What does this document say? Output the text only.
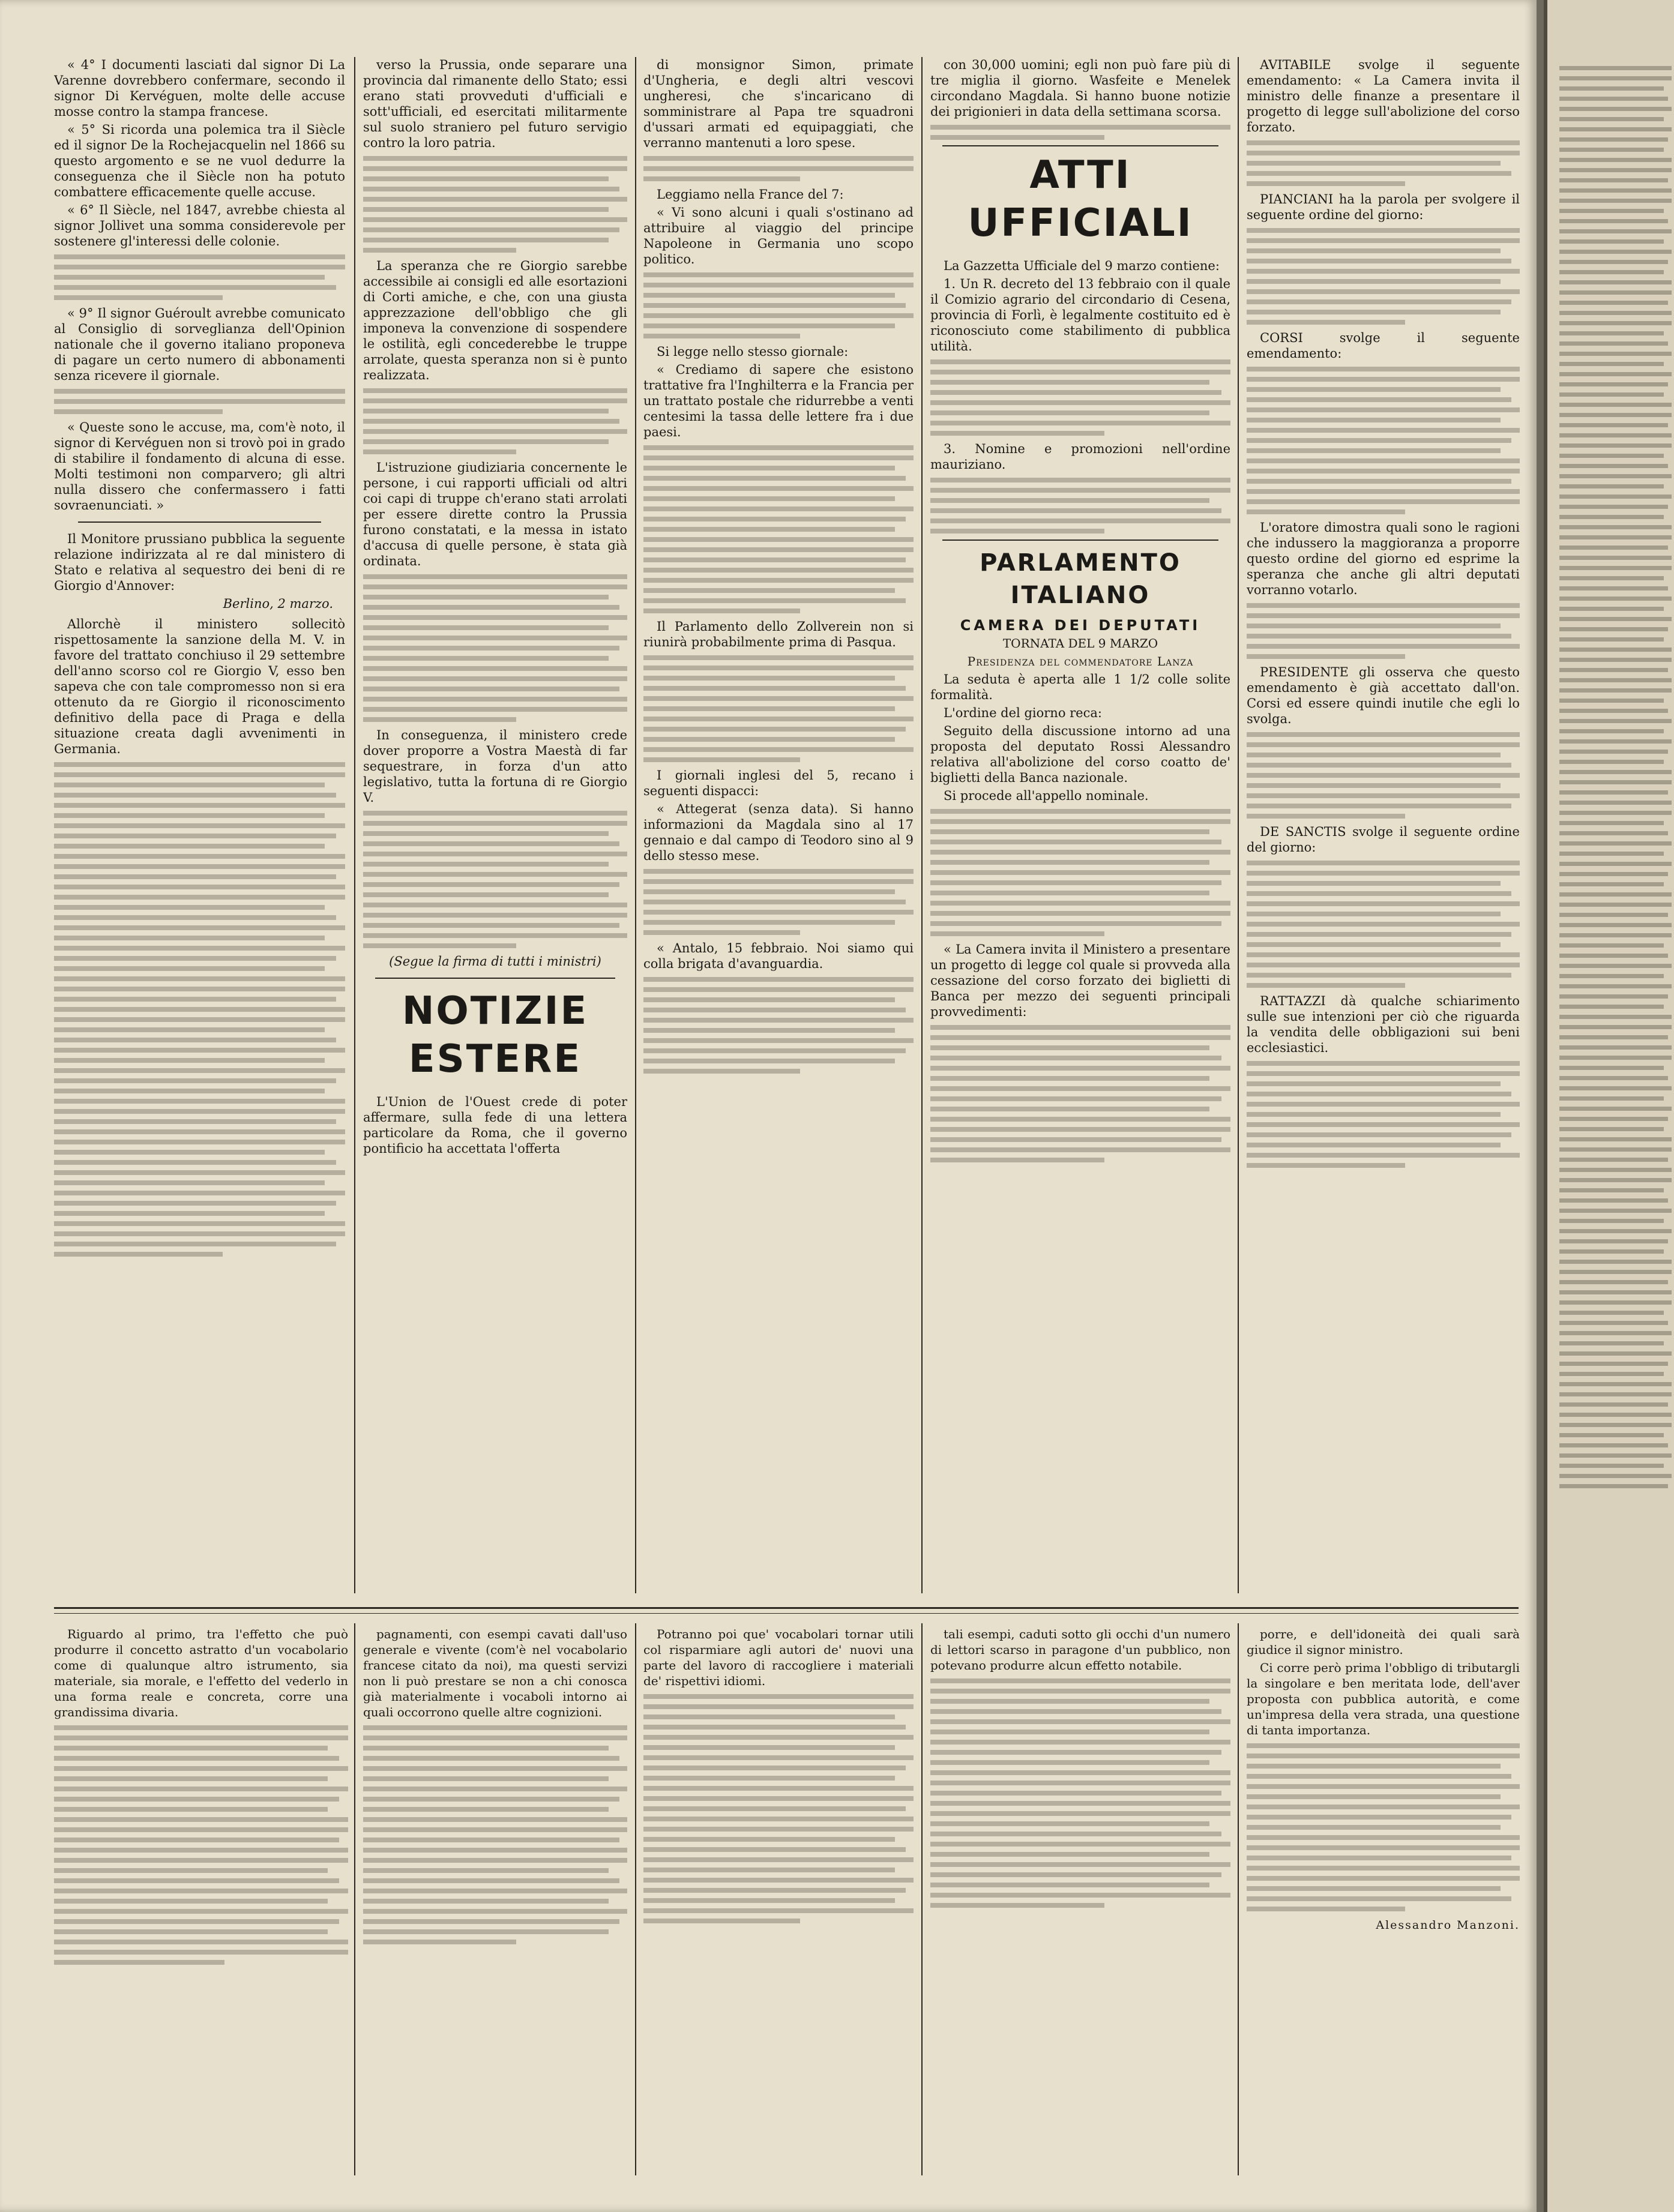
« 4° I documenti lasciati dal signor Di La Varenne dovrebbero confermare, secondo il signor Di Kervéguen, molte delle accuse mosse contro la stampa francese.

« 5° Si ricorda una polemica tra il Siècle ed il signor De la Rochejacquelin nel 1866 su questo argomento e se ne vuol dedurre la conseguenza che il Siècle non ha potuto combattere efficacemente quelle accuse.

« 6° Il Siècle, nel 1847, avrebbe chiesta al signor Jollivet una somma considerevole per sostenere gl'interessi delle colonie.

« 9° Il signor Guéroult avrebbe comunicato al Consiglio di sorveglianza dell'Opinion nationale che il governo italiano proponeva di pagare un certo numero di abbonamenti senza ricevere il giornale.

« Queste sono le accuse, ma, com'è noto, il signor di Kervéguen non si trovò poi in grado di stabilire il fondamento di alcuna di esse. Molti testimoni non comparvero; gli altri nulla dissero che confermassero i fatti sovraenunciati. »

Il Monitore prussiano pubblica la seguente relazione indirizzata al re dal ministero di Stato e relativa al sequestro dei beni di re Giorgio d'Annover:

Berlino, 2 marzo.

Allorchè il ministero sollecitò rispettosamente la sanzione della M. V. in favore del trattato conchiuso il 29 settembre dell'anno scorso col re Giorgio V, esso ben sapeva che con tale compromesso non si era ottenuto da re Giorgio il riconoscimento definitivo della pace di Praga e della situazione creata dagli avvenimenti in Germania.

verso la Prussia, onde separare una provincia dal rimanente dello Stato; essi erano stati provveduti d'ufficiali e sott'ufficiali, ed esercitati militarmente sul suolo straniero pel futuro servigio contro la loro patria.

La speranza che re Giorgio sarebbe accessibile ai consigli ed alle esortazioni di Corti amiche, e che, con una giusta apprezzazione dell'obbligo che gli imponeva la convenzione di sospendere le ostilità, egli concederebbe le truppe arrolate, questa speranza non si è punto realizzata.

L'istruzione giudiziaria concernente le persone, i cui rapporti ufficiali od altri coi capi di truppe ch'erano stati arrolati per essere dirette contro la Prussia furono constatati, e la messa in istato d'accusa di quelle persone, è stata già ordinata.

In conseguenza, il ministero crede dover proporre a Vostra Maestà di far sequestrare, in forza d'un atto legislativo, tutta la fortuna di re Giorgio V.

(Segue la firma di tutti i ministri)

NOTIZIE ESTERE

L'Union de l'Ouest crede di poter affermare, sulla fede di una lettera particolare da Roma, che il governo pontificio ha accettata l'offerta

di monsignor Simon, primate d'Ungheria, e degli altri vescovi ungheresi, che s'incaricano di somministrare al Papa tre squadroni d'ussari armati ed equipaggiati, che verranno mantenuti a loro spese.

Leggiamo nella France del 7:

« Vi sono alcuni i quali s'ostinano ad attribuire al viaggio del principe Napoleone in Germania uno scopo politico.

Si legge nello stesso giornale:

« Crediamo di sapere che esistono trattative fra l'Inghilterra e la Francia per un trattato postale che ridurrebbe a venti centesimi la tassa delle lettere fra i due paesi.

Il Parlamento dello Zollverein non si riunirà probabilmente prima di Pasqua.

I giornali inglesi del 5, recano i seguenti dispacci:

« Attegerat (senza data). Si hanno informazioni da Magdala sino al 17 gennaio e dal campo di Teodoro sino al 9 dello stesso mese.

« Antalo, 15 febbraio. Noi siamo qui colla brigata d'avanguardia.

con 30,000 uomini; egli non può fare più di tre miglia il giorno. Wasfeite e Menelek circondano Magdala. Si hanno buone notizie dei prigionieri in data della settimana scorsa.

ATTI UFFICIALI

La Gazzetta Ufficiale del 9 marzo contiene:

1. Un R. decreto del 13 febbraio con il quale il Comizio agrario del circondario di Cesena, provincia di Forlì, è legalmente costituito ed è riconosciuto come stabilimento di pubblica utilità.

3. Nomine e promozioni nell'ordine mauriziano.

PARLAMENTO ITALIANO
CAMERA DEI DEPUTATI
TORNATA DEL 9 MARZO
Presidenza del commendatore Lanza

La seduta è aperta alle 1 1/2 colle solite formalità.

L'ordine del giorno reca:

Seguito della discussione intorno ad una proposta del deputato Rossi Alessandro relativa all'abolizione del corso coatto de' biglietti della Banca nazionale.

Si procede all'appello nominale.

« La Camera invita il Ministero a presentare un progetto di legge col quale si provveda alla cessazione del corso forzato dei biglietti di Banca per mezzo dei seguenti principali provvedimenti:

AVITABILE svolge il seguente emendamento: « La Camera invita il ministro delle finanze a presentare il progetto di legge sull'abolizione del corso forzato.

PIANCIANI ha la parola per svolgere il seguente ordine del giorno:

CORSI svolge il seguente emendamento:

L'oratore dimostra quali sono le ragioni che indussero la maggioranza a proporre questo ordine del giorno ed esprime la speranza che anche gli altri deputati vorranno votarlo.

PRESIDENTE gli osserva che questo emendamento è già accettato dall'on. Corsi ed essere quindi inutile che egli lo svolga.

DE SANCTIS svolge il seguente ordine del giorno:

RATTAZZI dà qualche schiarimento sulle sue intenzioni per ciò che riguarda la vendita delle obbligazioni sui beni ecclesiastici.

Riguardo al primo, tra l'effetto che può produrre il concetto astratto d'un vocabolario come di qualunque altro istrumento, sia materiale, sia morale, e l'effetto del vederlo in una forma reale e concreta, corre una grandissima divaria.

pagnamenti, con esempi cavati dall'uso generale e vivente (com'è nel vocabolario francese citato da noi), ma questi servizi non li può prestare se non a chi conosca già materialmente i vocaboli intorno ai quali occorrono quelle altre cognizioni.

Potranno poi que' vocabolari tornar utili col risparmiare agli autori de' nuovi una parte del lavoro di raccogliere i materiali de' rispettivi idiomi.

tali esempi, caduti sotto gli occhi d'un numero di lettori scarso in paragone d'un pubblico, non potevano produrre alcun effetto notabile.

porre, e dell'idoneità dei quali sarà giudice il signor ministro.

Ci corre però prima l'obbligo di tributargli la singolare e ben meritata lode, dell'aver proposta con pubblica autorità, e come un'impresa della vera strada, una questione di tanta importanza.

Alessandro Manzoni.
